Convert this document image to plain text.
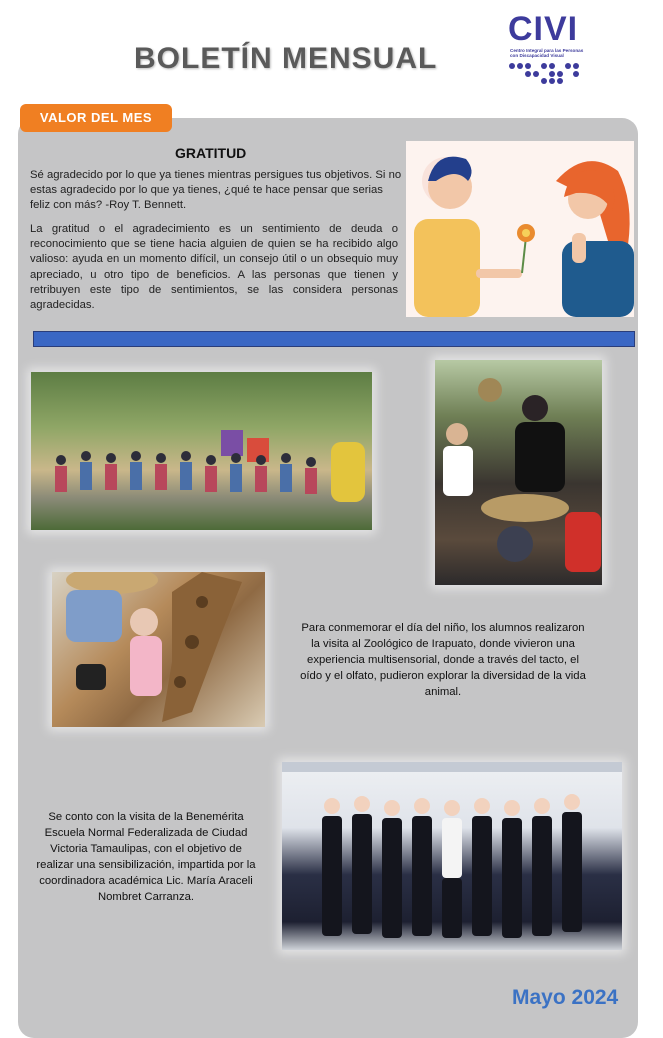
BOLETÍN MENSUAL
CIVI
Centro Integral para las Personas con Discapacidad Visual
VALOR DEL MES
GRATITUD
Sé agradecido por lo que ya tienes mientras persigues tus objetivos. Si no estas agradecido por lo que ya tienes, ¿qué te hace pensar que serias feliz con más? -Roy T. Bennett.
La gratitud o el agradecimiento es un sentimiento de deuda o reconocimiento que se tiene hacia alguien de quien se ha recibido algo valioso: ayuda en un momento difícil, un consejo útil o un obsequio muy apreciado, u otro tipo de beneficios. A las personas que tienen y retribuyen este tipo de sentimientos, se las considera personas agradecidas.
Para conmemorar el día del niño, los alumnos realizaron la visita al Zoológico de Irapuato, donde vivieron una experiencia multisensorial, donde a través del tacto, el oído y el olfato, pudieron explorar la diversidad de la vida animal.
Se conto con la visita de la Benemérita Escuela Normal Federalizada de Ciudad Victoria Tamaulipas, con el objetivo de realizar una sensibilización, impartida por la coordinadora académica Lic. María Araceli Nombret Carranza.
Mayo 2024
